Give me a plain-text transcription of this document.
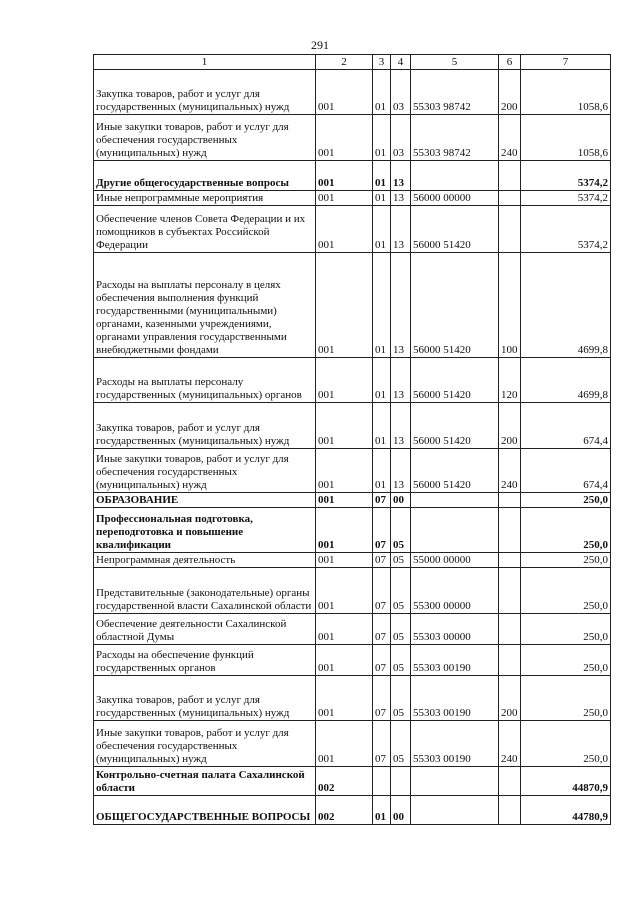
291
1	2	3	4	5	6	7
Закупка товаров, работ и услуг для государственных (муниципальных) нужд	001	01	03	55303 98742	200	1058,6
Иные закупки товаров, работ и услуг для обеспечения государственных (муниципальных) нужд	001	01	03	55303 98742	240	1058,6
Другие общегосударственные вопросы	001	01	13			5374,2
Иные непрограммные мероприятия	001	01	13	56000 00000		5374,2
Обеспечение членов Совета Федерации и их помощников в субъектах Российской Федерации	001	01	13	56000 51420		5374,2
Расходы на выплаты персоналу в целях обеспечения выполнения функций государственными (муниципальными) органами, казенными учреждениями, органами управления государственными внебюджетными фондами	001	01	13	56000 51420	100	4699,8
Расходы на выплаты персоналу государственных (муниципальных) органов	001	01	13	56000 51420	120	4699,8
Закупка товаров, работ и услуг для государственных (муниципальных) нужд	001	01	13	56000 51420	200	674,4
Иные закупки товаров, работ и услуг для обеспечения государственных (муниципальных) нужд	001	01	13	56000 51420	240	674,4
ОБРАЗОВАНИЕ	001	07	00			250,0
Профессиональная подготовка, переподготовка и повышение квалификации	001	07	05			250,0
Непрограммная деятельность	001	07	05	55000 00000		250,0
Представительные (законодательные) органы государственной власти Сахалинской области	001	07	05	55300 00000		250,0
Обеспечение деятельности Сахалинской областной Думы	001	07	05	55303 00000		250,0
Расходы на обеспечение функций государственных органов	001	07	05	55303 00190		250,0
Закупка товаров, работ и услуг для государственных (муниципальных) нужд	001	07	05	55303 00190	200	250,0
Иные закупки товаров, работ и услуг для обеспечения государственных (муниципальных) нужд	001	07	05	55303 00190	240	250,0
Контрольно-счетная палата Сахалинской области	002					44870,9
ОБЩЕГОСУДАРСТВЕННЫЕ ВОПРОСЫ	002	01	00			44780,9
